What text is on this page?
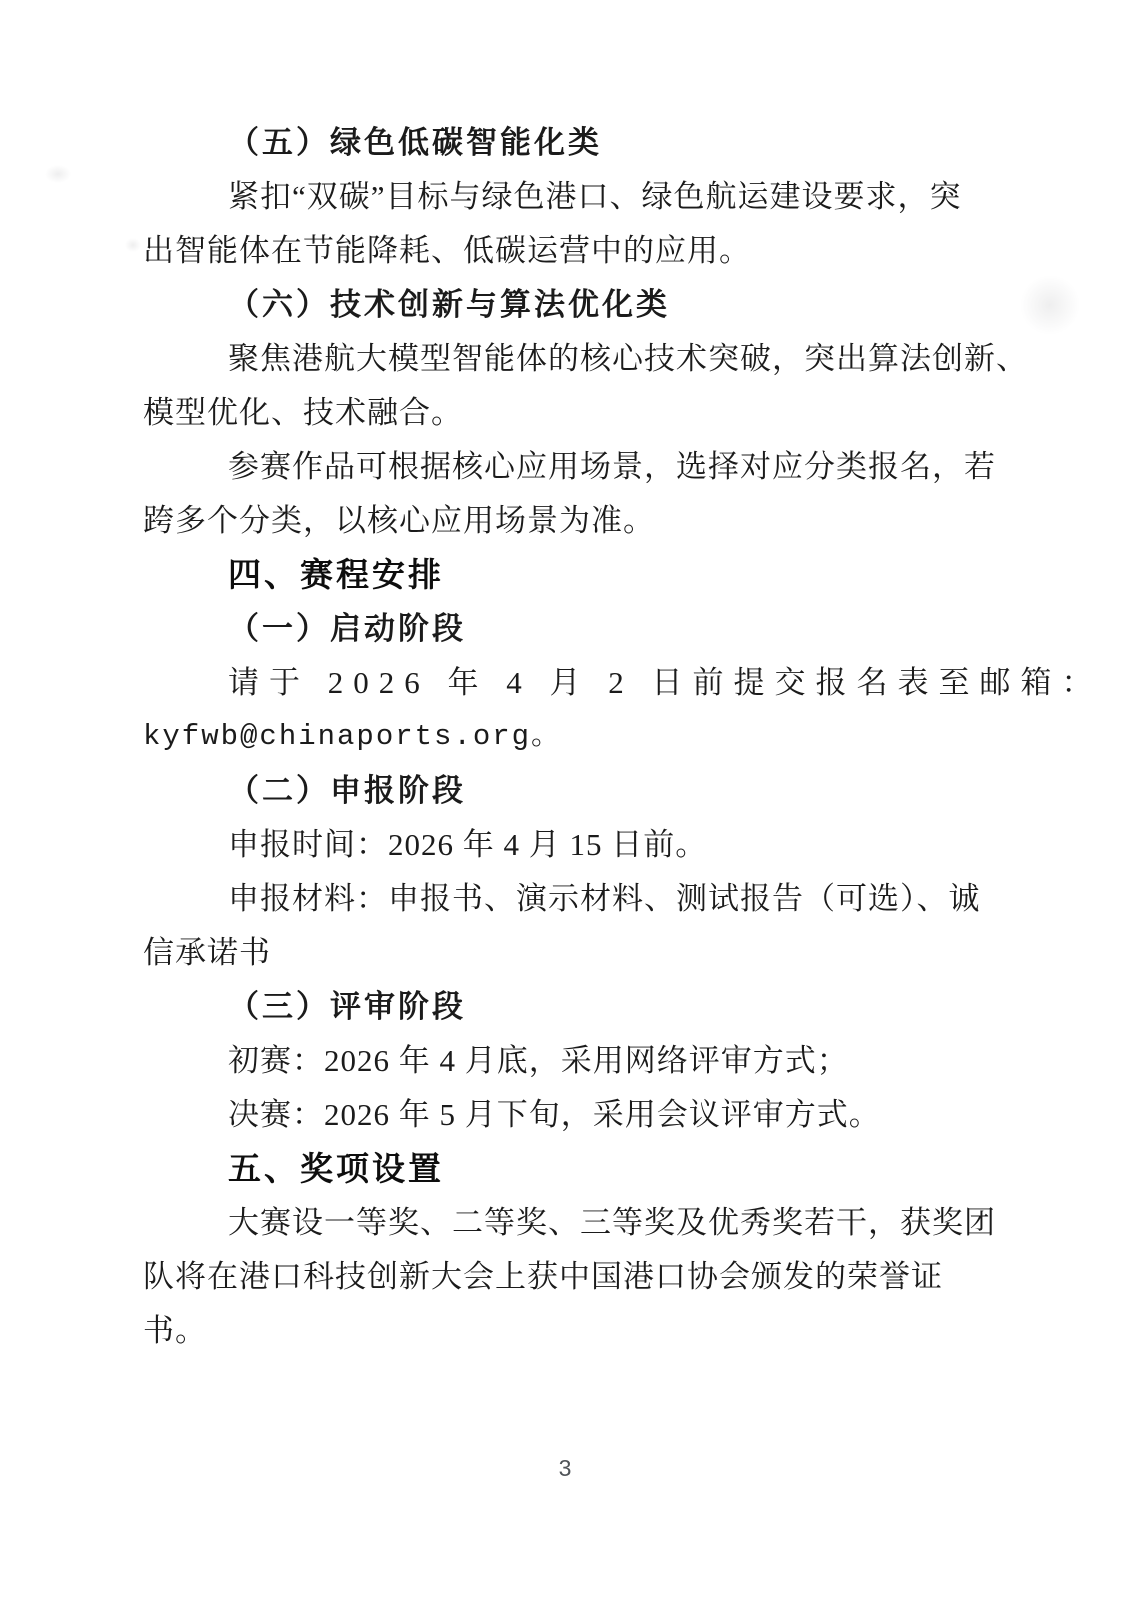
（五）绿色低碳智能化类
紧扣“双碳”目标与绿色港口、绿色航运建设要求，突
出智能体在节能降耗、低碳运营中的应用。
（六）技术创新与算法优化类
聚焦港航大模型智能体的核心技术突破，突出算法创新、
模型优化、技术融合。
参赛作品可根据核心应用场景，选择对应分类报名，若
跨多个分类，以核心应用场景为准。
四、赛程安排
（一）启动阶段
请于 2026 年 4 月 2 日前提交报名表至邮箱：
kyfwb@chinaports.org。
（二）申报阶段
申报时间：2026 年 4 月 15 日前。
申报材料：申报书、演示材料、测试报告（可选）、诚
信承诺书
（三）评审阶段
初赛：2026 年 4 月底，采用网络评审方式；
决赛：2026 年 5 月下旬，采用会议评审方式。
五、奖项设置
大赛设一等奖、二等奖、三等奖及优秀奖若干，获奖团
队将在港口科技创新大会上获中国港口协会颁发的荣誉证
书。
3
